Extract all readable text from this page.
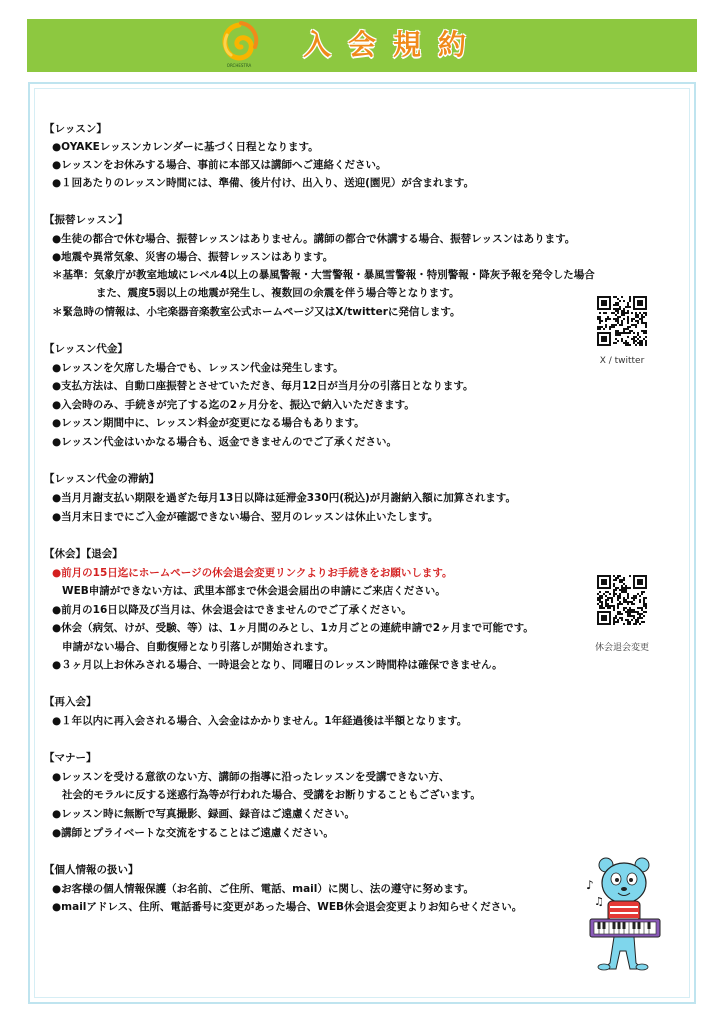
ORCHESTRA
入会規約
【レッスン】
●OYAKEレッスンカレンダーに基づく日程となります。
●レッスンをお休みする場合、事前に本部又は講師へご連絡ください。
●１回あたりのレッスン時間には、準備、後片付け、出入り、送迎(園児）が含まれます。
【振替レッスン】
●生徒の都合で休む場合、振替レッスンはありません。講師の都合で休講する場合、振替レッスンはあります。
●地震や異常気象、災害の場合、振替レッスンはあります。
＊基準：気象庁が教室地域にレベル4以上の暴風警報・大雪警報・暴風雪警報・特別警報・降灰予報を発令した場合
また、震度5弱以上の地震が発生し、複数回の余震を伴う場合等となります。
＊緊急時の情報は、小宅楽器音楽教室公式ホームページ又はX/twitterに発信します。
【レッスン代金】
●レッスンを欠席した場合でも、レッスン代金は発生します。
●支払方法は、自動口座振替とさせていただき、毎月12日が当月分の引落日となります。
●入会時のみ、手続きが完了する迄の2ヶ月分を、振込で納入いただきます。
●レッスン期間中に、レッスン料金が変更になる場合もあります。
●レッスン代金はいかなる場合も、返金できませんのでご了承ください。
【レッスン代金の滞納】
●当月月謝支払い期限を過ぎた毎月13日以降は延滞金330円(税込)が月謝納入額に加算されます。
●当月末日までにご入金が確認できない場合、翌月のレッスンは休止いたします。
【休会】【退会】
●前月の15日迄にホームページの休会退会変更リンクよりお手続きをお願いします。
WEB申請ができない方は、武里本部まで休会退会届出の申請にご来店ください。
●前月の16日以降及び当月は、休会退会はできませんのでご了承ください。
●休会（病気、けが、受験、等）は、1ヶ月間のみとし、1カ月ごとの連続申請で2ヶ月まで可能です。
申請がない場合、自動復帰となり引落しが開始されます。
●３ヶ月以上お休みされる場合、一時退会となり、同曜日のレッスン時間枠は確保できません。
【再入会】
●１年以内に再入会される場合、入会金はかかりません。1年経過後は半額となります。
【マナー】
●レッスンを受ける意欲のない方、講師の指導に沿ったレッスンを受講できない方、
社会的モラルに反する迷惑行為等が行われた場合、受講をお断りすることもございます。
●レッスン時に無断で写真撮影、録画、録音はご遠慮ください。
●講師とプライベートな交流をすることはご遠慮ください。
【個人情報の扱い】
●お客様の個人情報保護（お名前、ご住所、電話、mail）に関し、法の遵守に努めます。
●mailアドレス、住所、電話番号に変更があった場合、WEB休会退会変更よりお知らせください。
X / twitter
休会退会変更
♪
♫
